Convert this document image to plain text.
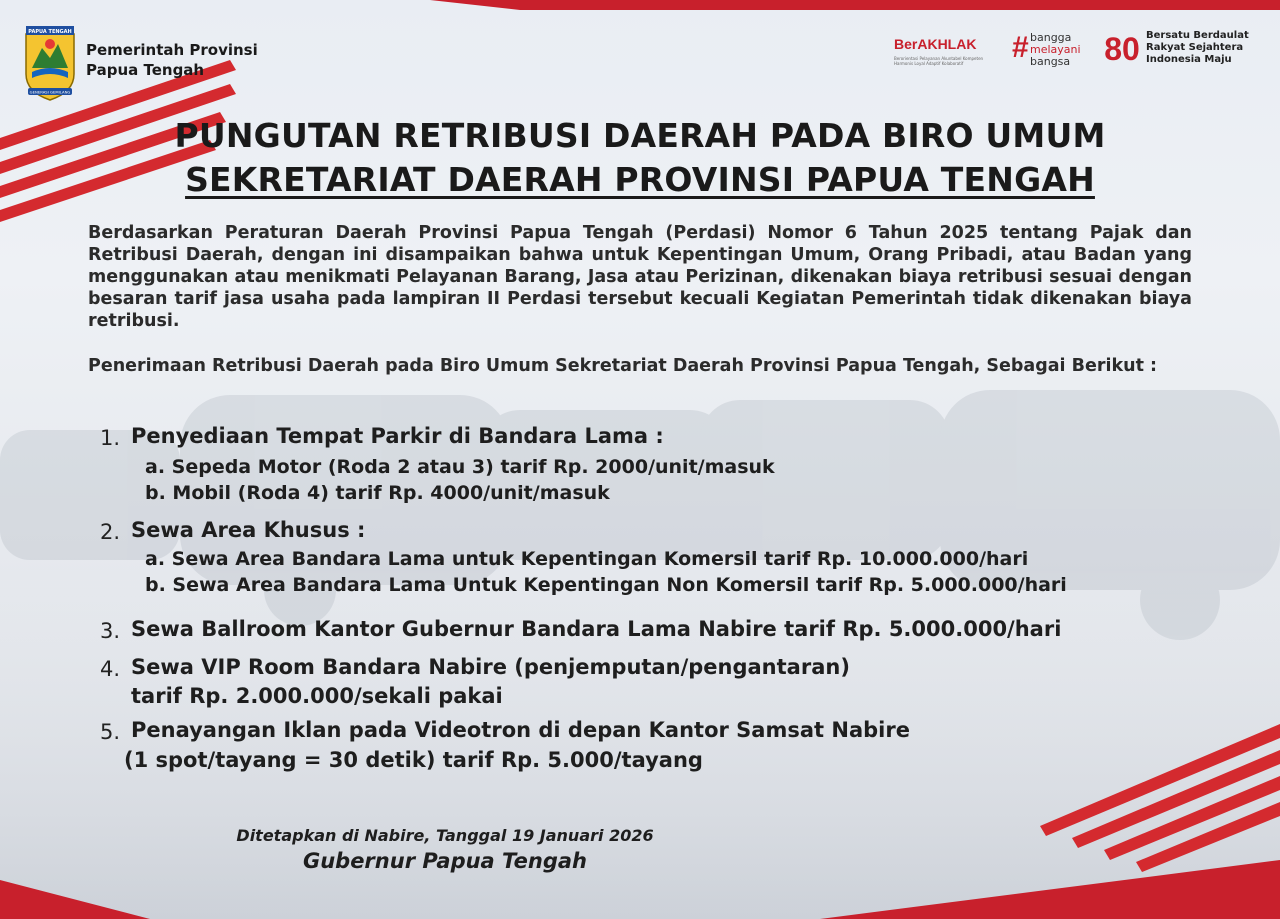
PAPUA TENGAH
GENERASI GEMILANG
Pemerintah Provinsi
Papua Tengah
BerAKHLAK
Berorientasi Pelayanan Akuntabel Kompeten Harmonis Loyal Adaptif Kolaboratif	# bangga
melayani
bangsa	80 Bersatu Berdaulat
Rakyat Sejahtera
Indonesia Maju
PUNGUTAN RETRIBUSI DAERAH PADA BIRO UMUM
SEKRETARIAT DAERAH PROVINSI PAPUA TENGAH

Berdasarkan Peraturan Daerah Provinsi Papua Tengah (Perdasi) Nomor 6 Tahun 2025 tentang Pajak dan Retribusi Daerah, dengan ini disampaikan bahwa untuk Kepentingan Umum, Orang Pribadi, atau Badan yang menggunakan atau menikmati Pelayanan Barang, Jasa atau Perizinan, dikenakan biaya retribusi sesuai dengan besaran tarif jasa usaha pada lampiran II Perdasi tersebut kecuali Kegiatan Pemerintah tidak dikenakan biaya retribusi.

Penerimaan Retribusi Daerah pada Biro Umum Sekretariat Daerah Provinsi Papua Tengah, Sebagai Berikut :

1. Penyediaan Tempat Parkir di Bandara Lama :
a. Sepeda Motor (Roda 2 atau 3) tarif Rp. 2000/unit/masuk
b. Mobil (Roda 4) tarif Rp. 4000/unit/masuk
2. Sewa Area Khusus :
a. Sewa Area Bandara Lama untuk Kepentingan Komersil tarif Rp. 10.000.000/hari
b. Sewa Area Bandara Lama Untuk Kepentingan Non Komersil tarif Rp. 5.000.000/hari
3. Sewa Ballroom Kantor Gubernur Bandara Lama Nabire tarif Rp. 5.000.000/hari
4. Sewa VIP Room Bandara Nabire (penjemputan/pengantaran)
tarif Rp. 2.000.000/sekali pakai
5. Penayangan Iklan pada Videotron di depan Kantor Samsat Nabire
(1 spot/tayang = 30 detik) tarif Rp. 5.000/tayang
Ditetapkan di Nabire, Tanggal 19 Januari 2026
Gubernur Papua Tengah
